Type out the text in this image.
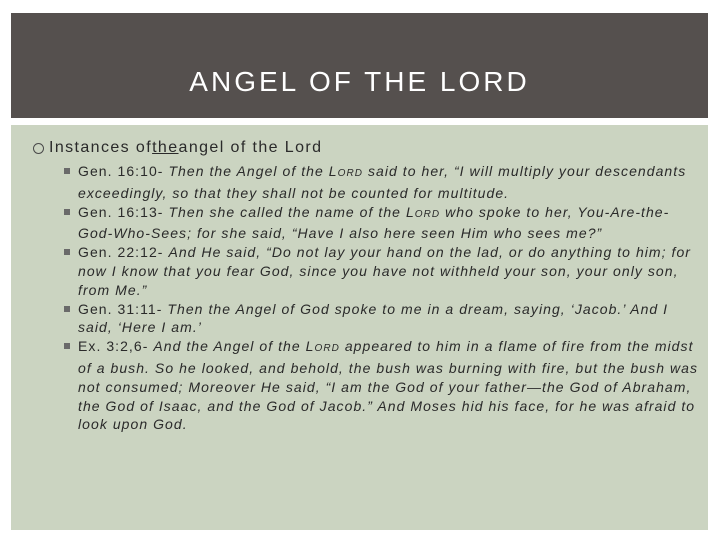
ANGEL OF THE LORD
Instances of the angel of the Lord
Gen. 16:10- Then the Angel of the LORD said to her, “I will multiply your descendants exceedingly, so that they shall not be counted for multitude.
Gen. 16:13- Then she called the name of the LORD who spoke to her, You-Are-the-God-Who-Sees; for she said, “Have I also here seen Him who sees me?”
Gen. 22:12- And He said, “Do not lay your hand on the lad, or do anything to him; for now I know that you fear God, since you have not withheld your son, your only son, from Me.”
Gen. 31:11- Then the Angel of God spoke to me in a dream, saying, ‘Jacob.’ And I said, ‘Here I am.’
Ex. 3:2,6- And the Angel of the LORD appeared to him in a flame of fire from the midst of a bush. So he looked, and behold, the bush was burning with fire, but the bush was not consumed; Moreover He said, “I am the God of your father—the God of Abraham, the God of Isaac, and the God of Jacob.” And Moses hid his face, for he was afraid to look upon God.
